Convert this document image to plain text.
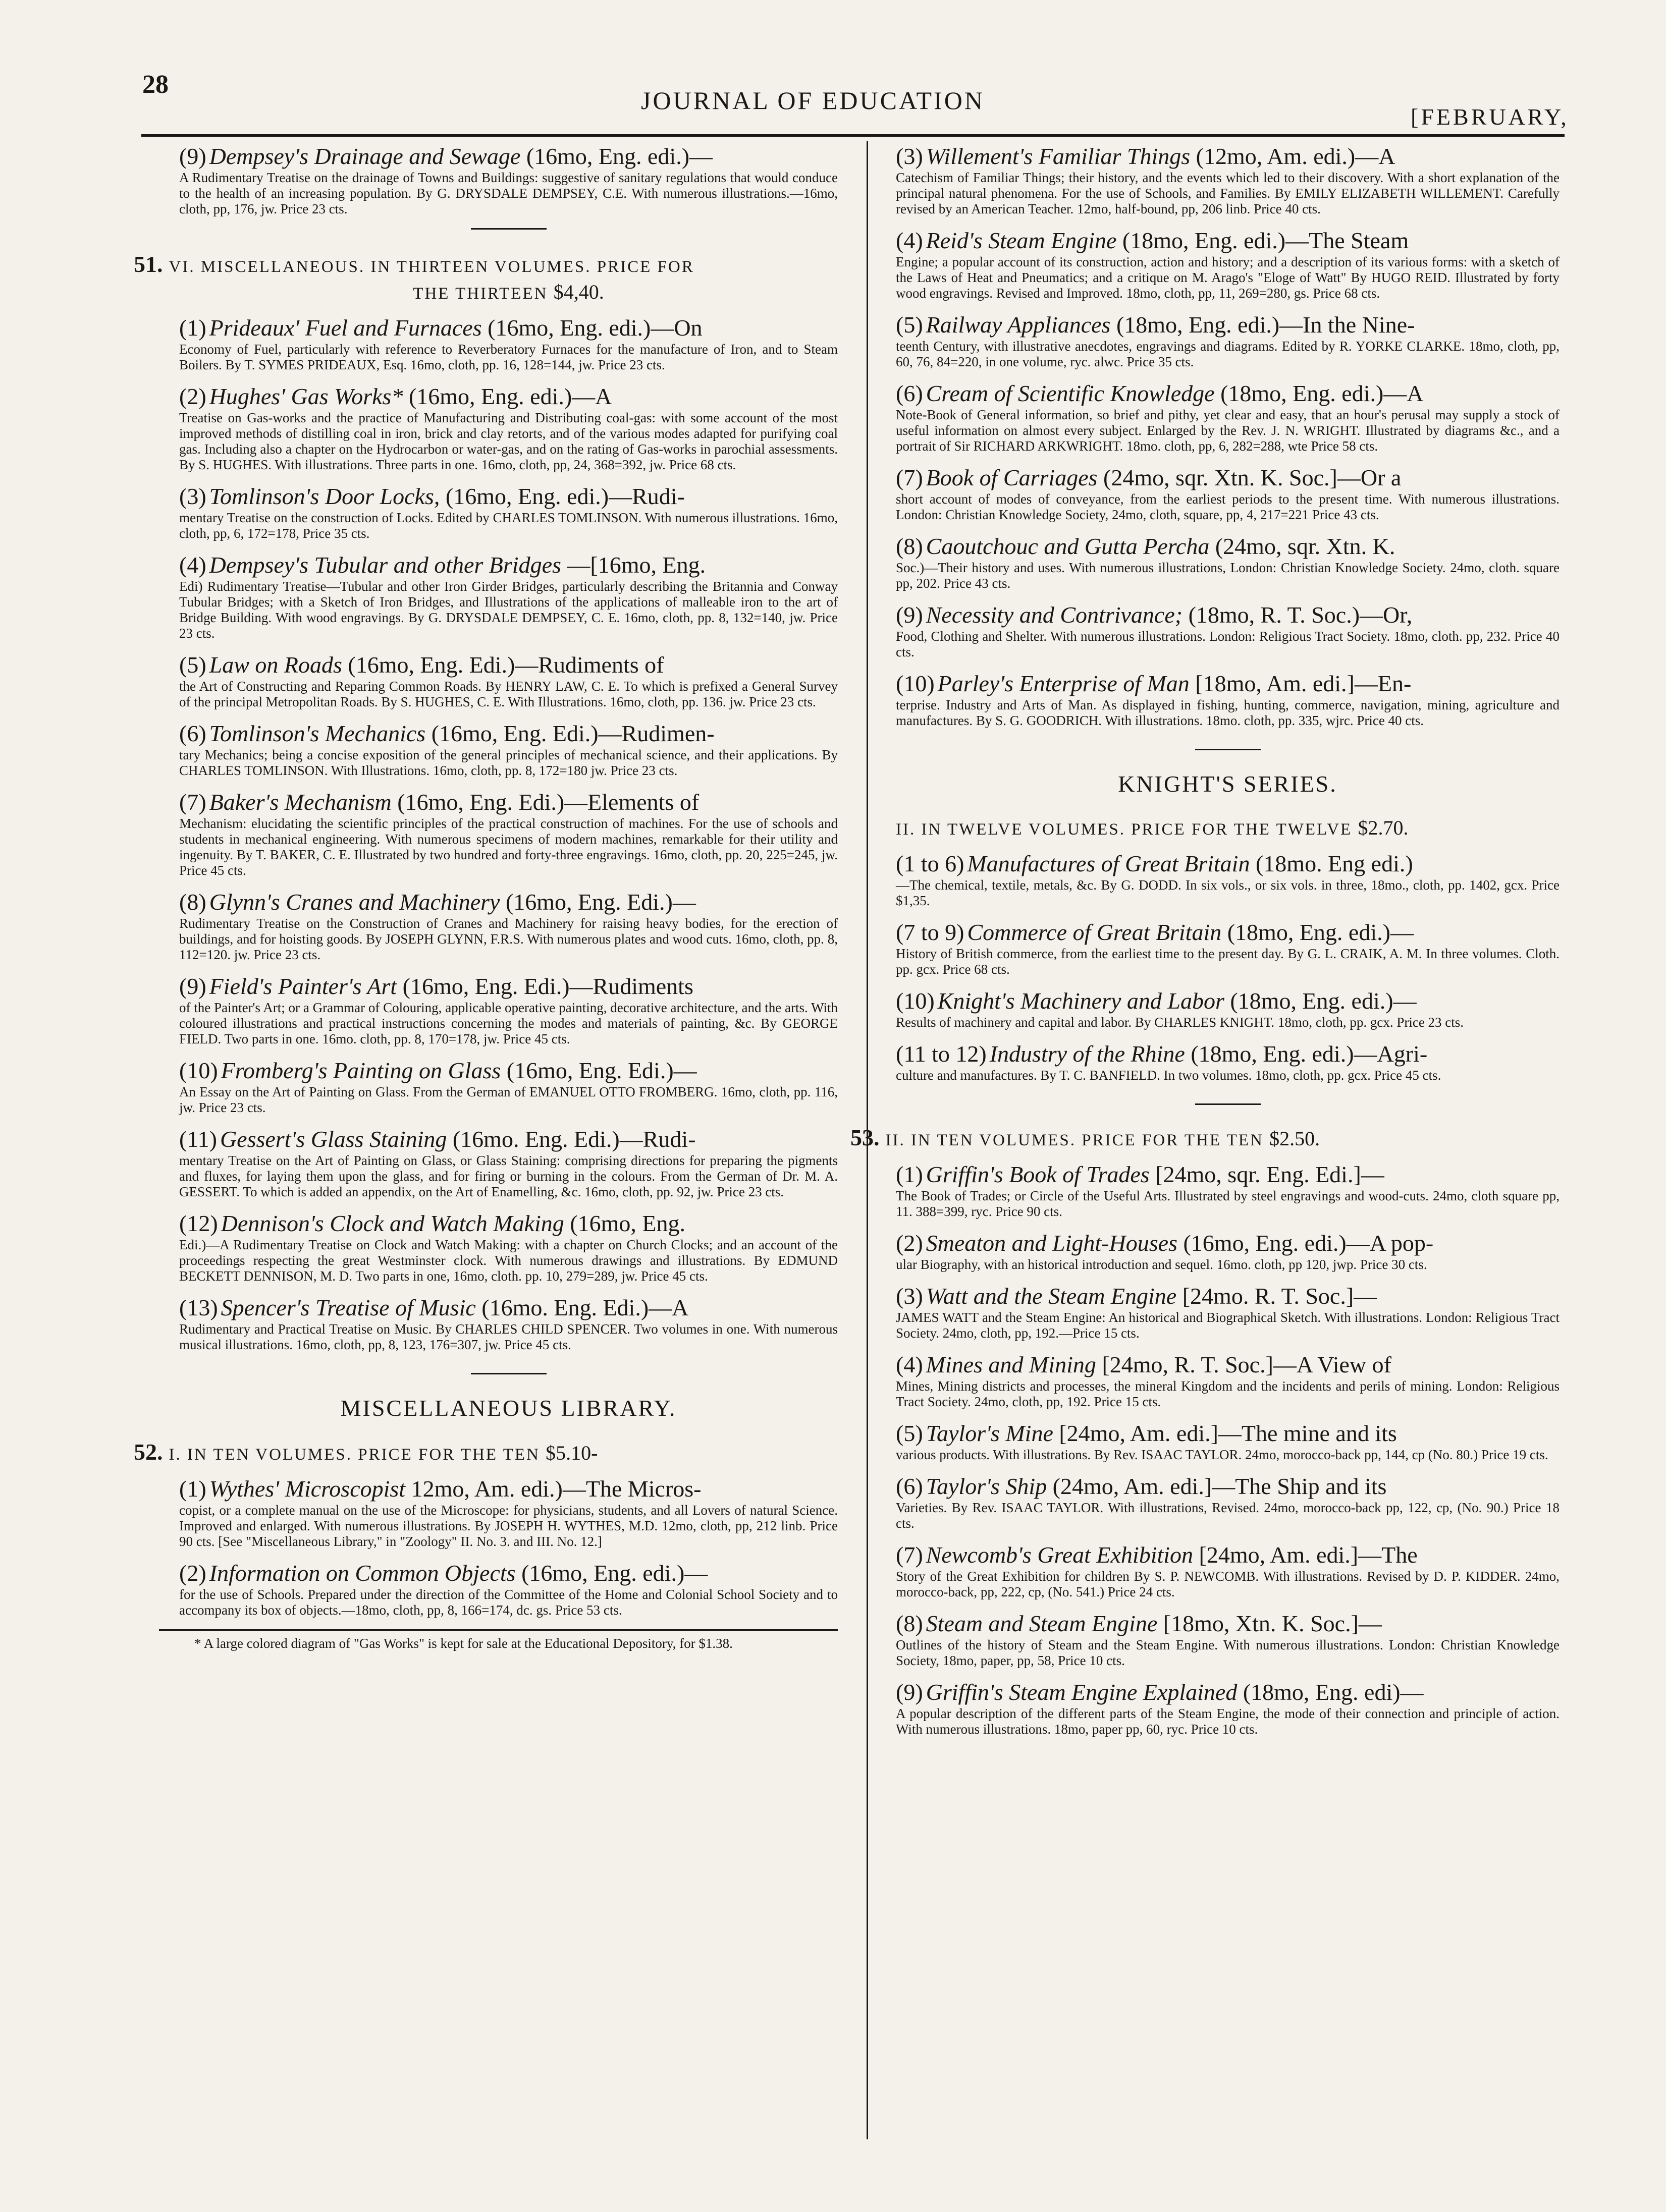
28
JOURNAL OF EDUCATION
[FEBRUARY,
(9) Dempsey's Drainage and Sewage (16mo, Eng. edi.)—
A Rudimentary Treatise on the drainage of Towns and Buildings: suggestive of sanitary regulations that would conduce to the health of an increasing population. By G. DRYSDALE DEMPSEY, C.E. With numerous illustrations.—16mo, cloth, pp, 176, jw. Price 23 cts.
51. VI. MISCELLANEOUS. IN THIRTEEN VOLUMES. PRICE FOR
THE THIRTEEN $4,40.
(1) Prideaux' Fuel and Furnaces (16mo, Eng. edi.)—On
Economy of Fuel, particularly with reference to Reverberatory Furnaces for the manufacture of Iron, and to Steam Boilers. By T. SYMES PRIDEAUX, Esq. 16mo, cloth, pp. 16, 128=144, jw. Price 23 cts.
(2) Hughes' Gas Works* (16mo, Eng. edi.)—A
Treatise on Gas-works and the practice of Manufacturing and Distributing coal-gas: with some account of the most improved methods of distilling coal in iron, brick and clay retorts, and of the various modes adapted for purifying coal gas. Including also a chapter on the Hydrocarbon or water-gas, and on the rating of Gas-works in parochial assessments. By S. HUGHES. With illustrations. Three parts in one. 16mo, cloth, pp, 24, 368=392, jw. Price 68 cts.
(3) Tomlinson's Door Locks, (16mo, Eng. edi.)—Rudi-
mentary Treatise on the construction of Locks. Edited by CHARLES TOMLINSON. With numerous illustrations. 16mo, cloth, pp, 6, 172=178, Price 35 cts.
(4) Dempsey's Tubular and other Bridges —[16mo, Eng.
Edi) Rudimentary Treatise—Tubular and other Iron Girder Bridges, particularly describing the Britannia and Conway Tubular Bridges; with a Sketch of Iron Bridges, and Illustrations of the applications of malleable iron to the art of Bridge Building. With wood engravings. By G. DRYSDALE DEMPSEY, C. E. 16mo, cloth, pp. 8, 132=140, jw. Price 23 cts.
(5) Law on Roads (16mo, Eng. Edi.)—Rudiments of
the Art of Constructing and Reparing Common Roads. By HENRY LAW, C. E. To which is prefixed a General Survey of the principal Metropolitan Roads. By S. HUGHES, C. E. With Illustrations. 16mo, cloth, pp. 136. jw. Price 23 cts.
(6) Tomlinson's Mechanics (16mo, Eng. Edi.)—Rudimen-
tary Mechanics; being a concise exposition of the general principles of mechanical science, and their applications. By CHARLES TOMLINSON. With Illustrations. 16mo, cloth, pp. 8, 172=180 jw. Price 23 cts.
(7) Baker's Mechanism (16mo, Eng. Edi.)—Elements of
Mechanism: elucidating the scientific principles of the practical construction of machines. For the use of schools and students in mechanical engineering. With numerous specimens of modern machines, remarkable for their utility and ingenuity. By T. BAKER, C. E. Illustrated by two hundred and forty-three engravings. 16mo, cloth, pp. 20, 225=245, jw. Price 45 cts.
(8) Glynn's Cranes and Machinery (16mo, Eng. Edi.)—
Rudimentary Treatise on the Construction of Cranes and Machinery for raising heavy bodies, for the erection of buildings, and for hoisting goods. By JOSEPH GLYNN, F.R.S. With numerous plates and wood cuts. 16mo, cloth, pp. 8, 112=120. jw. Price 23 cts.
(9) Field's Painter's Art (16mo, Eng. Edi.)—Rudiments
of the Painter's Art; or a Grammar of Colouring, applicable operative painting, decorative architecture, and the arts. With coloured illustrations and practical instructions concerning the modes and materials of painting, &c. By GEORGE FIELD. Two parts in one. 16mo. cloth, pp. 8, 170=178, jw. Price 45 cts.
(10) Fromberg's Painting on Glass (16mo, Eng. Edi.)—
An Essay on the Art of Painting on Glass. From the German of EMANUEL OTTO FROMBERG. 16mo, cloth, pp. 116, jw. Price 23 cts.
(11) Gessert's Glass Staining (16mo. Eng. Edi.)—Rudi-
mentary Treatise on the Art of Painting on Glass, or Glass Staining: comprising directions for preparing the pigments and fluxes, for laying them upon the glass, and for firing or burning in the colours. From the German of Dr. M. A. GESSERT. To which is added an appendix, on the Art of Enamelling, &c. 16mo, cloth, pp. 92, jw. Price 23 cts.
(12) Dennison's Clock and Watch Making (16mo, Eng.
Edi.)—A Rudimentary Treatise on Clock and Watch Making: with a chapter on Church Clocks; and an account of the proceedings respecting the great Westminster clock. With numerous drawings and illustrations. By EDMUND BECKETT DENNISON, M. D. Two parts in one, 16mo, cloth. pp. 10, 279=289, jw. Price 45 cts.
(13) Spencer's Treatise of Music (16mo. Eng. Edi.)—A
Rudimentary and Practical Treatise on Music. By CHARLES CHILD SPENCER. Two volumes in one. With numerous musical illustrations. 16mo, cloth, pp, 8, 123, 176=307, jw. Price 45 cts.
MISCELLANEOUS LIBRARY.
52. I. IN TEN VOLUMES. PRICE FOR THE TEN $5.10-
(1) Wythes' Microscopist 12mo, Am. edi.)—The Micros-
copist, or a complete manual on the use of the Microscope: for physicians, students, and all Lovers of natural Science. Improved and enlarged. With numerous illustrations. By JOSEPH H. WYTHES, M.D. 12mo, cloth, pp, 212 linb. Price 90 cts. [See "Miscellaneous Library," in "Zoology" II. No. 3. and III. No. 12.]
(2) Information on Common Objects (16mo, Eng. edi.)—
for the use of Schools. Prepared under the direction of the Committee of the Home and Colonial School Society and to accompany its box of objects.—18mo, cloth, pp, 8, 166=174, dc. gs. Price 53 cts.
* A large colored diagram of "Gas Works" is kept for sale at the Educational Depository, for $1.38.
(3) Willement's Familiar Things (12mo, Am. edi.)—A
Catechism of Familiar Things; their history, and the events which led to their discovery. With a short explanation of the principal natural phenomena. For the use of Schools, and Families. By EMILY ELIZABETH WILLEMENT. Carefully revised by an American Teacher. 12mo, half-bound, pp, 206 linb. Price 40 cts.
(4) Reid's Steam Engine (18mo, Eng. edi.)—The Steam
Engine; a popular account of its construction, action and history; and a description of its various forms: with a sketch of the Laws of Heat and Pneumatics; and a critique on M. Arago's "Eloge of Watt" By HUGO REID. Illustrated by forty wood engravings. Revised and Improved. 18mo, cloth, pp, 11, 269=280, gs. Price 68 cts.
(5) Railway Appliances (18mo, Eng. edi.)—In the Nine-
teenth Century, with illustrative anecdotes, engravings and diagrams. Edited by R. YORKE CLARKE. 18mo, cloth, pp, 60, 76, 84=220, in one volume, ryc. alwc. Price 35 cts.
(6) Cream of Scientific Knowledge (18mo, Eng. edi.)—A
Note-Book of General information, so brief and pithy, yet clear and easy, that an hour's perusal may supply a stock of useful information on almost every subject. Enlarged by the Rev. J. N. WRIGHT. Illustrated by diagrams &c., and a portrait of Sir RICHARD ARKWRIGHT. 18mo. cloth, pp, 6, 282=288, wte Price 58 cts.
(7) Book of Carriages (24mo, sqr. Xtn. K. Soc.]—Or a
short account of modes of conveyance, from the earliest periods to the present time. With numerous illustrations. London: Christian Knowledge Society, 24mo, cloth, square, pp, 4, 217=221 Price 43 cts.
(8) Caoutchouc and Gutta Percha (24mo, sqr. Xtn. K.
Soc.)—Their history and uses. With numerous illustrations, London: Christian Knowledge Society. 24mo, cloth. square pp, 202. Price 43 cts.
(9) Necessity and Contrivance; (18mo, R. T. Soc.)—Or,
Food, Clothing and Shelter. With numerous illustrations. London: Religious Tract Society. 18mo, cloth. pp, 232. Price 40 cts.
(10) Parley's Enterprise of Man [18mo, Am. edi.]—En-
terprise. Industry and Arts of Man. As displayed in fishing, hunting, commerce, navigation, mining, agriculture and manufactures. By S. G. GOODRICH. With illustrations. 18mo. cloth, pp. 335, wjrc. Price 40 cts.
KNIGHT'S SERIES.
II. IN TWELVE VOLUMES. PRICE FOR THE TWELVE $2.70.
(1 to 6) Manufactures of Great Britain (18mo. Eng edi.)
—The chemical, textile, metals, &c. By G. DODD. In six vols., or six vols. in three, 18mo., cloth, pp. 1402, gcx. Price $1,35.
(7 to 9) Commerce of Great Britain (18mo, Eng. edi.)—
History of British commerce, from the earliest time to the present day. By G. L. CRAIK, A. M. In three volumes. Cloth. pp. gcx. Price 68 cts.
(10) Knight's Machinery and Labor (18mo, Eng. edi.)—
Results of machinery and capital and labor. By CHARLES KNIGHT. 18mo, cloth, pp. gcx. Price 23 cts.
(11 to 12) Industry of the Rhine (18mo, Eng. edi.)—Agri-
culture and manufactures. By T. C. BANFIELD. In two volumes. 18mo, cloth, pp. gcx. Price 45 cts.
53. II. IN TEN VOLUMES. PRICE FOR THE TEN $2.50.
(1) Griffin's Book of Trades [24mo, sqr. Eng. Edi.]—
The Book of Trades; or Circle of the Useful Arts. Illustrated by steel engravings and wood-cuts. 24mo, cloth square pp, 11. 388=399, ryc. Price 90 cts.
(2) Smeaton and Light-Houses (16mo, Eng. edi.)—A pop-
ular Biography, with an historical introduction and sequel. 16mo. cloth, pp 120, jwp. Price 30 cts.
(3) Watt and the Steam Engine [24mo. R. T. Soc.]—
JAMES WATT and the Steam Engine: An historical and Biographical Sketch. With illustrations. London: Religious Tract Society. 24mo, cloth, pp, 192.—Price 15 cts.
(4) Mines and Mining [24mo, R. T. Soc.]—A View of
Mines, Mining districts and processes, the mineral Kingdom and the incidents and perils of mining. London: Religious Tract Society. 24mo, cloth, pp, 192. Price 15 cts.
(5) Taylor's Mine [24mo, Am. edi.]—The mine and its
various products. With illustrations. By Rev. ISAAC TAYLOR. 24mo, morocco-back pp, 144, cp (No. 80.) Price 19 cts.
(6) Taylor's Ship (24mo, Am. edi.]—The Ship and its
Varieties. By Rev. ISAAC TAYLOR. With illustrations, Revised. 24mo, morocco-back pp, 122, cp, (No. 90.) Price 18 cts.
(7) Newcomb's Great Exhibition [24mo, Am. edi.]—The
Story of the Great Exhibition for children By S. P. NEWCOMB. With illustrations. Revised by D. P. KIDDER. 24mo, morocco-back, pp, 222, cp, (No. 541.) Price 24 cts.
(8) Steam and Steam Engine [18mo, Xtn. K. Soc.]—
Outlines of the history of Steam and the Steam Engine. With numerous illustrations. London: Christian Knowledge Society, 18mo, paper, pp, 58, Price 10 cts.
(9) Griffin's Steam Engine Explained (18mo, Eng. edi)—
A popular description of the different parts of the Steam Engine, the mode of their connection and principle of action. With numerous illustrations. 18mo, paper pp, 60, ryc. Price 10 cts.
